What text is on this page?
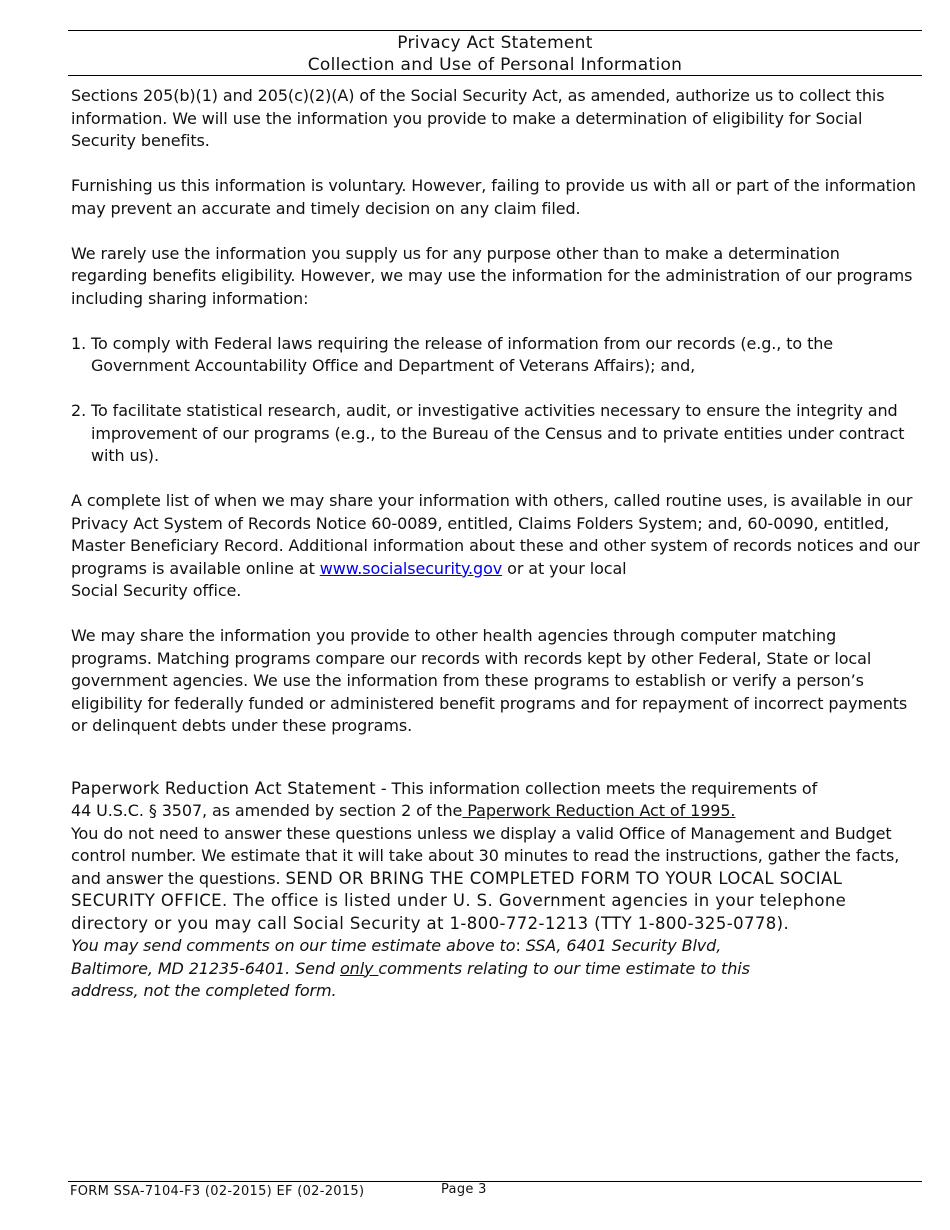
Privacy Act Statement
Collection and Use of Personal Information

Sections 205(b)(1) and 205(c)(2)(A) of the Social Security Act, as amended, authorize us to collect this information. We will use the information you provide to make a determination of eligibility for Social Security benefits.

Furnishing us this information is voluntary. However, failing to provide us with all or part of the information may prevent an accurate and timely decision on any claim filed.

We rarely use the information you supply us for any purpose other than to make a determination regarding benefits eligibility. However, we may use the information for the administration of our programs including sharing information:

1. To comply with Federal laws requiring the release of information from our records (e.g., to the Government Accountability Office and Department of Veterans Affairs); and,

2. To facilitate statistical research, audit, or investigative activities necessary to ensure the integrity and improvement of our programs (e.g., to the Bureau of the Census and to private entities under contract with us).

A complete list of when we may share your information with others, called routine uses, is available in our Privacy Act System of Records Notice 60-0089, entitled, Claims Folders System; and, 60-0090, entitled, Master Beneficiary Record. Additional information about these and other system of records notices and our programs is available online at www.socialsecurity.gov or at your local
Social Security office.

We may share the information you provide to other health agencies through computer matching programs. Matching programs compare our records with records kept by other Federal, State or local government agencies. We use the information from these programs to establish or verify a person’s eligibility for federally funded or administered benefit programs and for repayment of incorrect payments or delinquent debts under these programs.

Paperwork Reduction Act Statement - This information collection meets the requirements of
44 U.S.C. § 3507, as amended by section 2 of the Paperwork Reduction Act of 1995.
You do not need to answer these questions unless we display a valid Office of Management and Budget control number. We estimate that it will take about 30 minutes to read the instructions, gather the facts, and answer the questions. SEND OR BRING THE COMPLETED FORM TO YOUR LOCAL SOCIAL SECURITY OFFICE. The office is listed under U. S. Government agencies in your telephone directory or you may call Social Security at 1-800-772-1213 (TTY 1-800-325-0778).
You may send comments on our time estimate above to: SSA, 6401 Security Blvd,
Baltimore, MD 21235-6401. Send only comments relating to our time estimate to this
address, not the completed form.
FORM SSA-7104-F3 (02-2015) EF (02-2015)	Page 3
